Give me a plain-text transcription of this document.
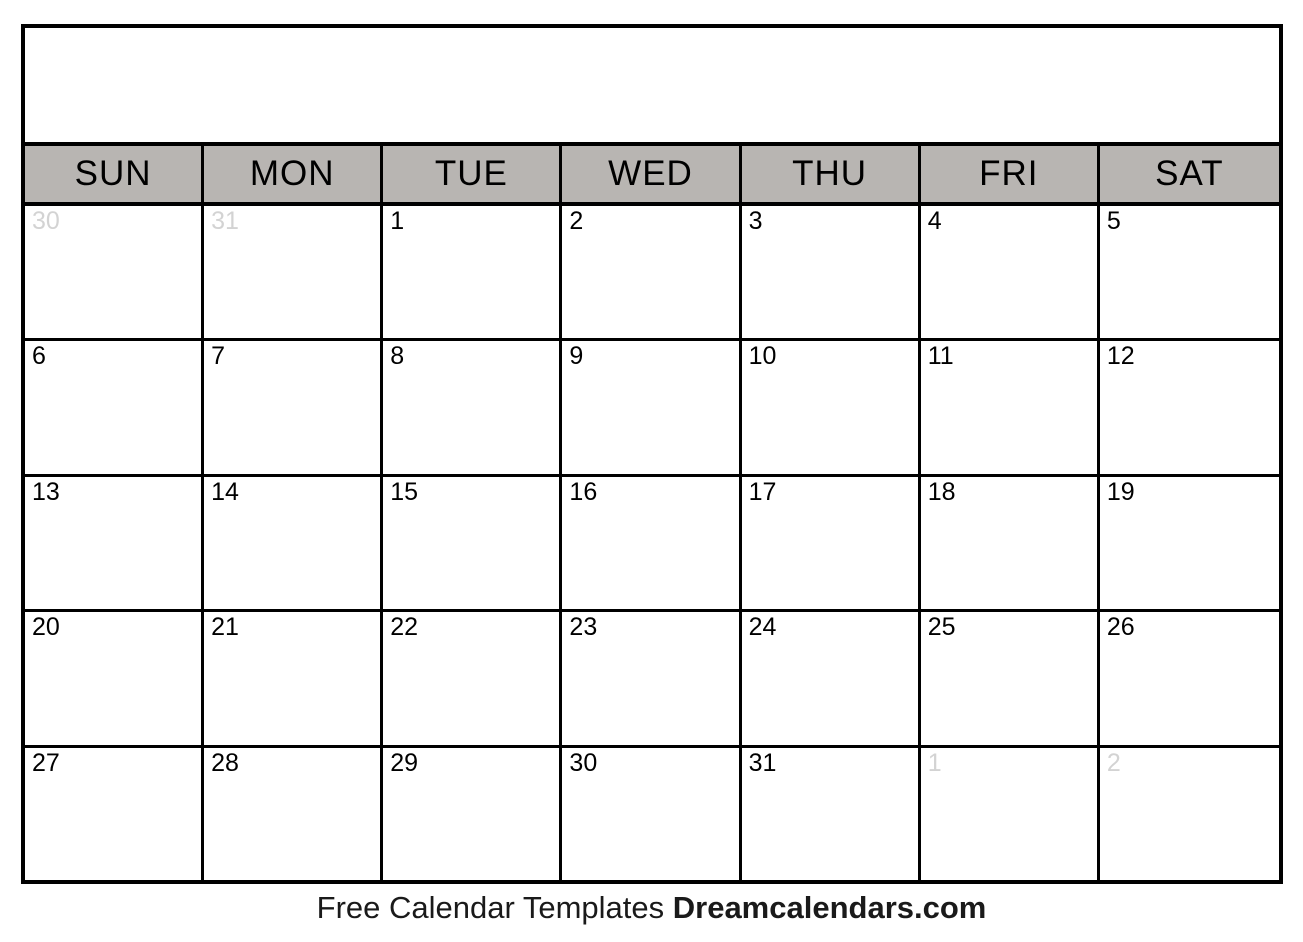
SUN	MON	TUE	WED	THU	FRI	SAT
30	31	1	2	3	4	5
6	7	8	9	10	11	12
13	14	15	16	17	18	19
20	21	22	23	24	25	26
27	28	29	30	31	1	2
Free Calendar Templates Dreamcalendars.com
